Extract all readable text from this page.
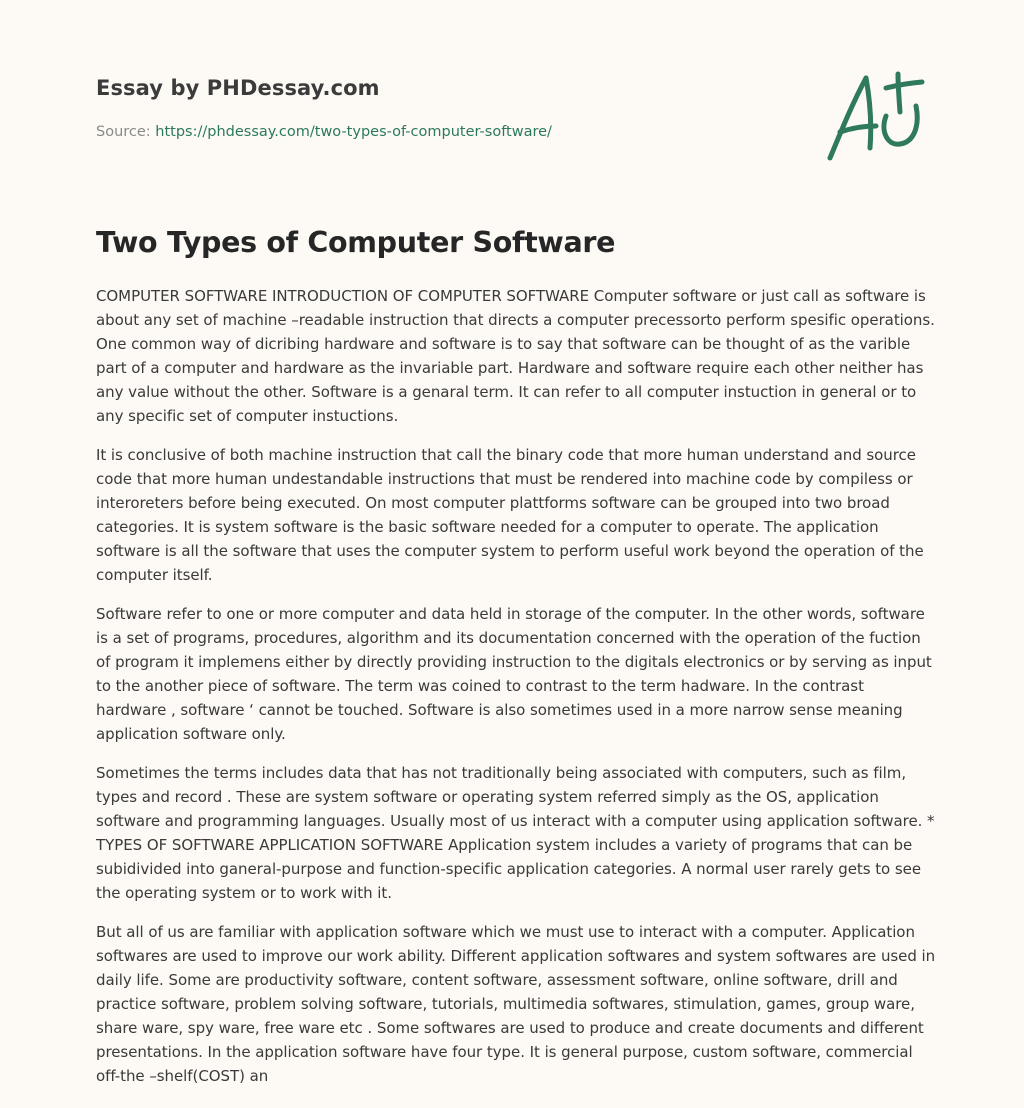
Essay by PHDessay.com
Source: https://phdessay.com/two-types-of-computer-software/
Two Types of Computer Software

COMPUTER SOFTWARE INTRODUCTION OF COMPUTER SOFTWARE Computer software or just call as software is about any set of machine –readable instruction that directs a computer precessorto perform spesific operations. One common way of dicribing hardware and software is to say that software can be thought of as the varible part of a computer and hardware as the invariable part. Hardware and software require each other neither has any value without the other. Software is a genaral term. It can refer to all computer instuction in general or to any specific set of computer instuctions.

It is conclusive of both machine instruction that call the binary code that more human understand and source code that more human undestandable instructions that must be rendered into machine code by compiless or interoreters before being executed. On most computer plattforms software can be grouped into two broad categories. It is system software is the basic software needed for a computer to operate. The application software is all the software that uses the computer system to perform useful work beyond the operation of the computer itself.

Software refer to one or more computer and data held in storage of the computer. In the other words, software is a set of programs, procedures, algorithm and its documentation concerned with the operation of the fuction of program it implemens either by directly providing instruction to the digitals electronics or by serving as input to the another piece of software. The term was coined to contrast to the term hadware. In the contrast hardware , software ‘ cannot be touched. Software is also sometimes used in a more narrow sense meaning application software only.

Sometimes the terms includes data that has not traditionally being associated with computers, such as film, types and record . These are system software or operating system referred simply as the OS, application software and programming languages. Usually most of us interact with a computer using application software. * TYPES OF SOFTWARE APPLICATION SOFTWARE Application system includes a variety of programs that can be subidivided into ganeral-purpose and function-specific application categories. A normal user rarely gets to see the operating system or to work with it.

But all of us are familiar with application software which we must use to interact with a computer. Application softwares are used to improve our work ability. Different application softwares and system softwares are used in daily life. Some are productivity software, content software, assessment software, online software, drill and practice software, problem solving software, tutorials, multimedia softwares, stimulation, games, group ware, share ware, spy ware, free ware etc . Some softwares are used to produce and create documents and different presentations. In the application software have four type. It is general purpose, custom software, commercial off-the –shelf(COST) an
